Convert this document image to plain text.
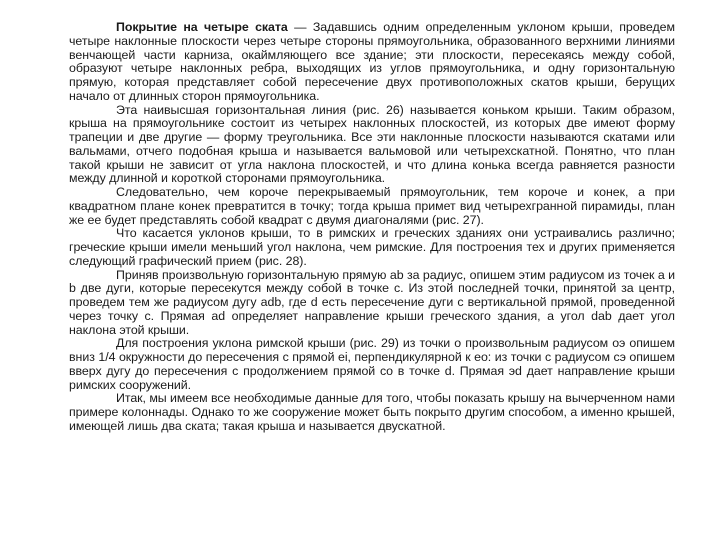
Покрытие на четыре ската — Задавшись одним определенным уклоном крыши, проведем четыре наклонные плоскости через четыре стороны прямоугольника, образованного верхними линиями венчающей части карниза, окаймляющего все здание; эти плоскости, пересекаясь между собой, образуют четыре наклонных ребра, выходящих из углов прямоугольника, и одну горизонтальную прямую, которая представляет собой пересечение двух противоположных скатов крыши, берущих начало от длинных сторон прямоугольника.

Эта наивысшая горизонтальная линия (рис. 26) называется коньком крыши. Таким образом, крыша на прямоугольнике состоит из четырех наклонных плоскостей, из которых две имеют форму трапеции и две другие — форму треугольника. Все эти наклонные плоскости называются скатами или вальмами, отчего подобная крыша и называется вальмовой или четырехскатной. Понятно, что план такой крыши не зависит от угла наклона плоскостей, и что длина конька всегда равняется разности между длинной и короткой сторонами прямоугольника.

Следовательно, чем короче перекрываемый прямоугольник, тем короче и конек, а при квадратном плане конек превратится в точку; тогда крыша примет вид четырехгранной пирамиды, план же ее будет представлять собой квадрат с двумя диагоналями (рис. 27).

Что касается уклонов крыши, то в римских и греческих зданиях они устраивались различно; греческие крыши имели меньший угол наклона, чем римские. Для построения тех и других применяется следующий графический прием (рис. 28).

Приняв произвольную горизонтальную прямую ab за радиус, опишем этим радиусом из точек a и b две дуги, которые пересекутся между собой в точке c. Из этой последней точки, принятой за центр, проведем тем же радиусом дугу adb, где d есть пересечение дуги с вертикальной прямой, проведенной через точку c. Прямая ad определяет направление крыши греческого здания, а угол dab дает угол наклона этой крыши.

Для построения уклона римской крыши (рис. 29) из точки o произвольным радиусом oэ опишем вниз 1/4 окружности до пересечения с прямой ei, перпендикулярной к eo: из точки c радиусом cэ опишем вверх дугу до пересечения с продолжением прямой co в точке d. Прямая эd дает направление крыши римских сооружений.

Итак, мы имеем все необходимые данные для того, чтобы показать крышу на вычерченном нами примере колоннады. Однако то же сооружение может быть покрыто другим способом, а именно крышей, имеющей лишь два ската; такая крыша и называется двускатной.
